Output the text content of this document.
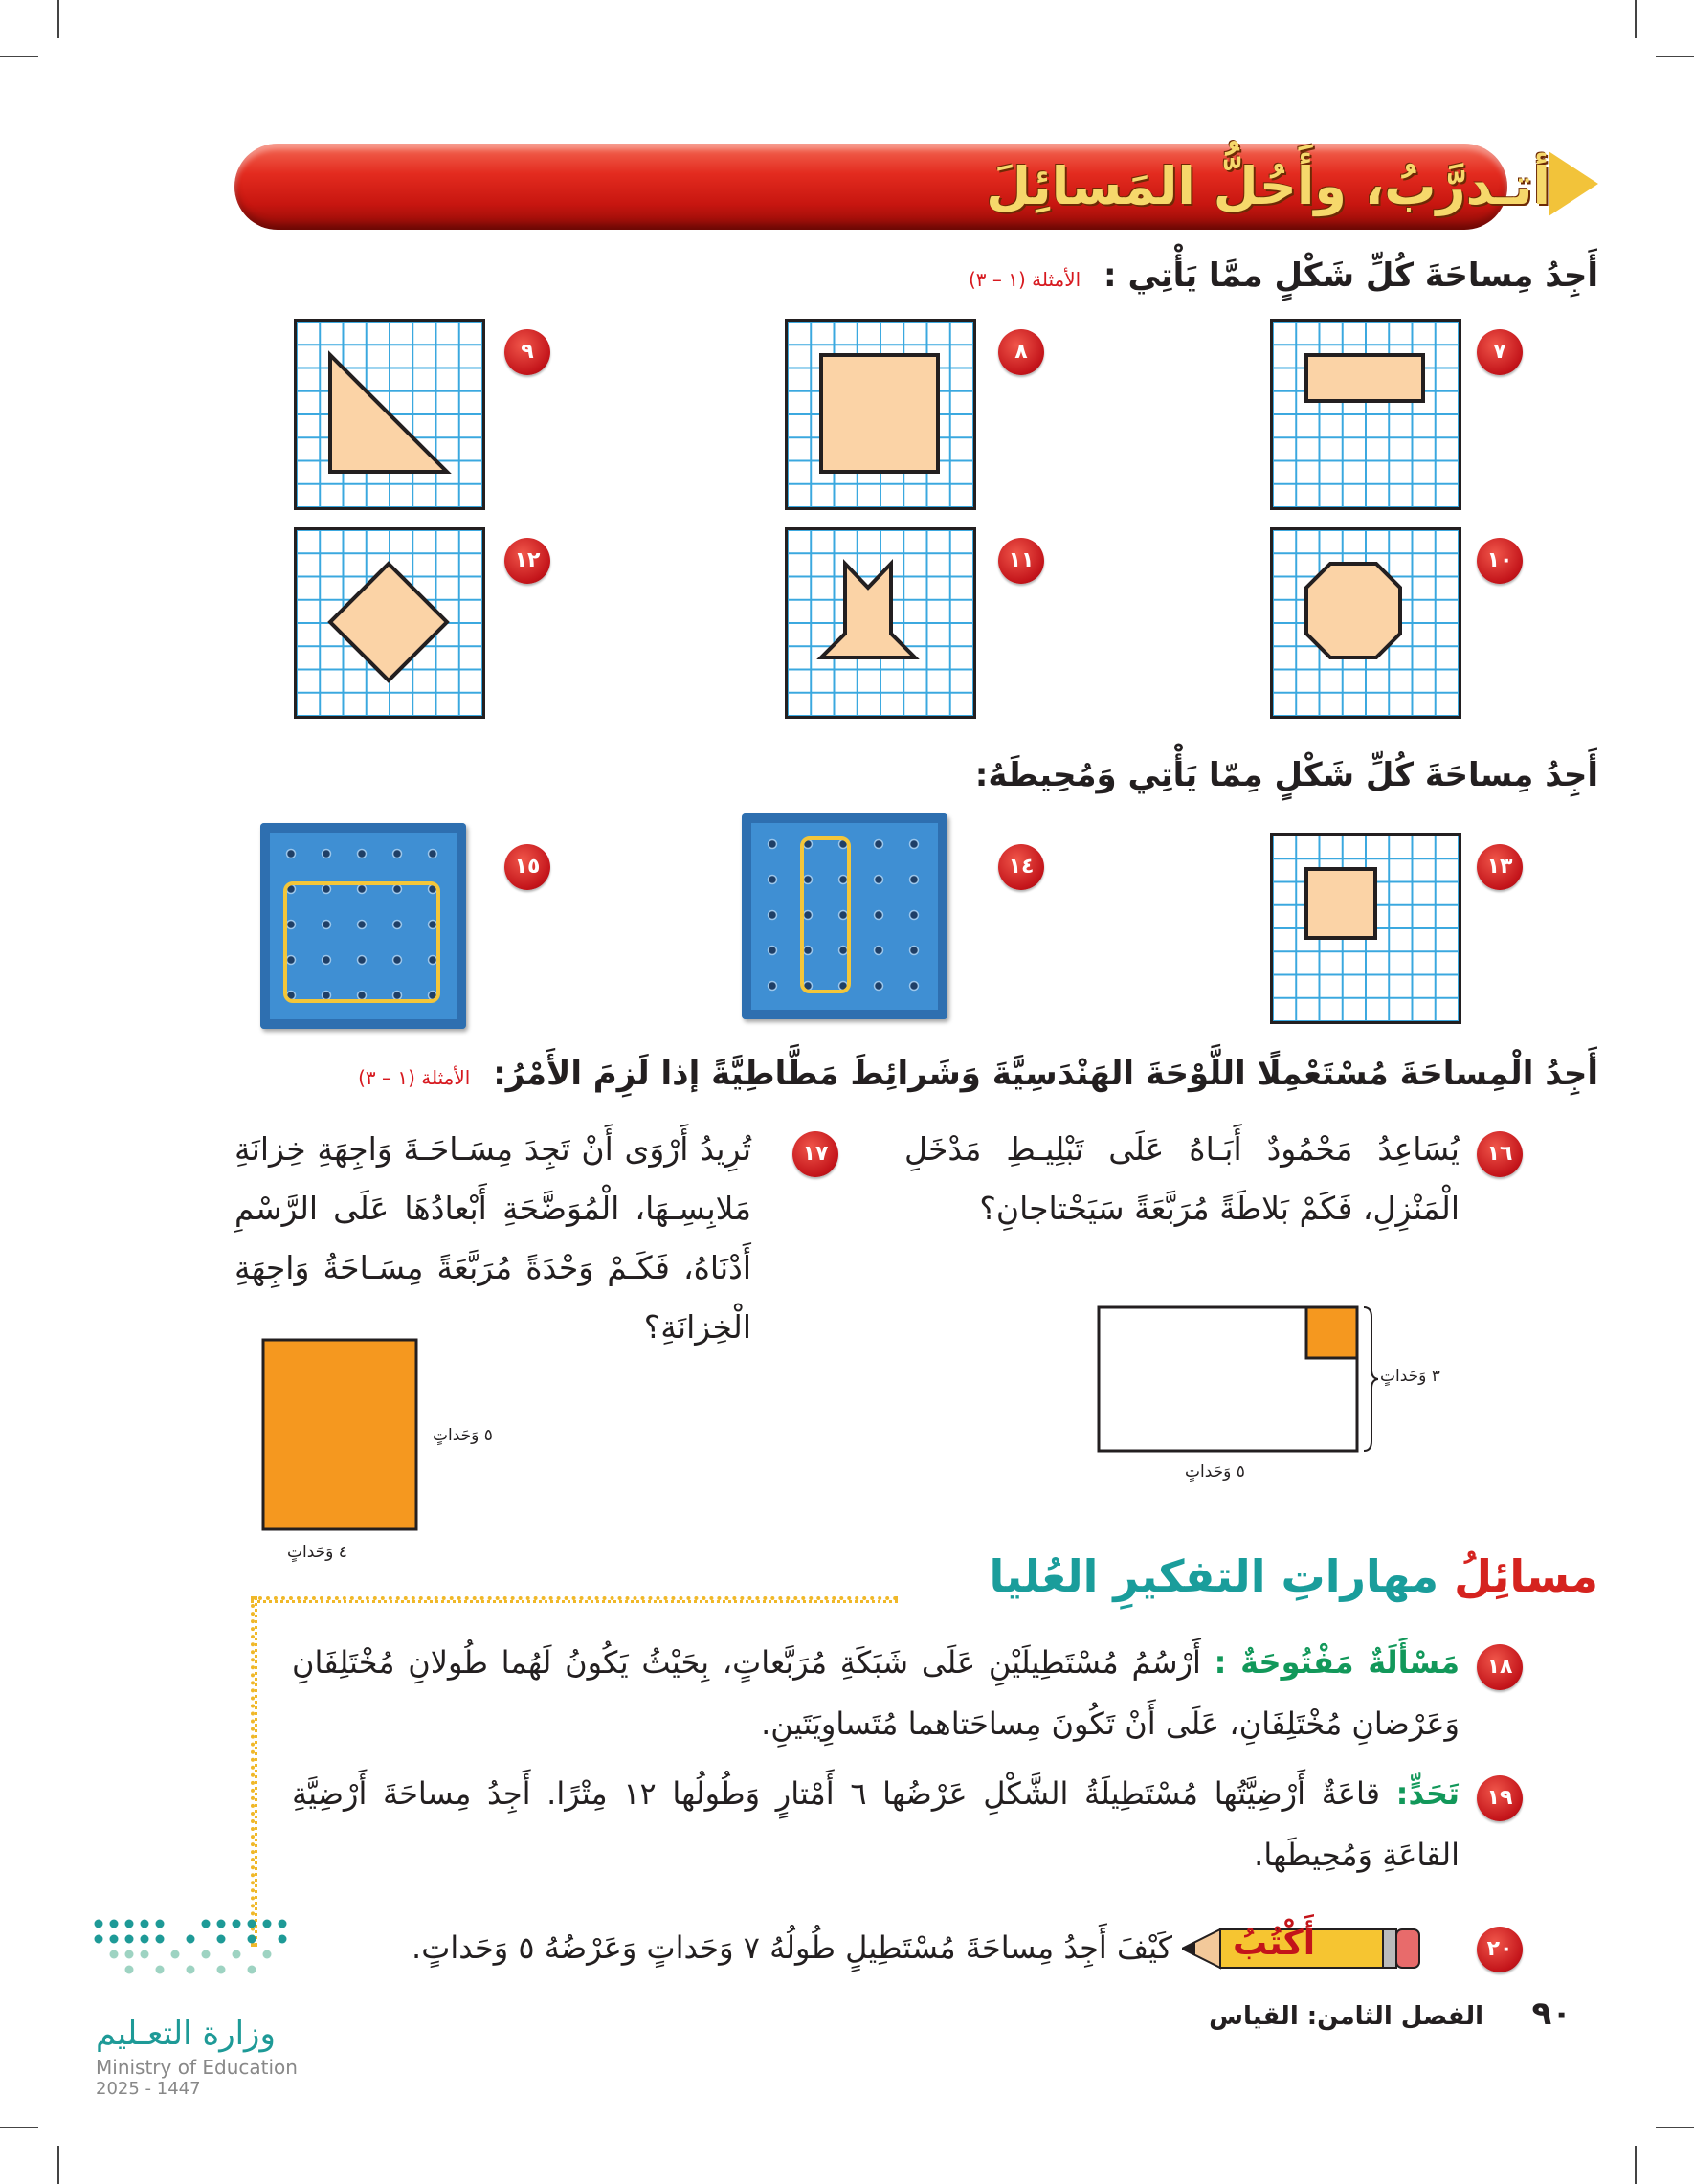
أتـدرَّبُ، وأَحُلُّ المَسائِلَ
أَجِدُ مِساحَةَ كُلِّ شَكْلٍ ممَّا يَأْتِي : الأمثلة (١ – ٣)
٧
٨
٩
١٠
١١
١٢
أَجِدُ مِساحَةَ كُلِّ شَكْلٍ مِمّا يَأْتِي وَمُحِيطَهُ:
١٣
١٤
١٥
أَجِدُ الْمِساحَةَ مُسْتَعْمِلًا اللَّوْحَةَ الهَنْدَسِيَّةَ وَشَرائِطَ مَطَّاطِيَّةً إذا لَزِمَ الأَمْرُ: الأمثلة (١ – ٣)
١٦
يُسَاعِدُ مَحْمُودٌ أَبَـاهُ عَلَى تَبْلِيـطِ مَدْخَلِ الْمَنْزِلِ، فَكَمْ بَلاطَةً مُرَبَّعَةً سَيَحْتاجانِ؟
٣ وَحَداتٍ
٥ وَحَداتٍ
١٧
تُرِيدُ أَرْوَى أَنْ تَجِدَ مِسَـاحَـةَ وَاجِهَةِ خِزانَةِ مَلابِسِـهَا، الْمُوَضَّحَةِ أَبْعادُهَا عَلَى الرَّسْمِ أَدْنَاهُ، فَكَـمْ وَحْدَةً مُرَبَّعَةً مِسَـاحَةُ وَاجِهَةِ الْخِزانَةِ؟
٥ وَحَداتٍ
٤ وَحَداتٍ	مسائِلُ مهاراتِ التفكيرِ العُليا
١٨
مَسْأَلَةٌ مَفْتُوحَةٌ : أَرْسُمُ مُسْتَطِيلَيْنِ عَلَى شَبَكَةِ مُرَبَّعاتٍ، بِحَيْثُ يَكُونُ لَهُما طُولانِ مُخْتَلِفَانِ وَعَرْضانِ مُخْتَلِفَانِ، عَلَى أَنْ تَكُونَ مِساحَتاهما مُتَساوِيَتَينِ.
١٩
تَحَدٍّ: قاعَةٌ أَرْضِيَّتُها مُسْتَطِيلَةُ الشَّكْلِ عَرْضُها ٦ أَمْتارٍ وَطُولُها ١٢ مِتْرًا. أَجِدُ مِساحَةَ أَرْضِيَّةِ القاعَةِ وَمُحِيطَها.
٢٠
أَكْتُبُ
كَيْفَ أَجِدُ مِساحَةَ مُسْتَطِيلٍ طُولُهُ ٧ وَحَداتٍ وَعَرْضُهُ ٥ وَحَداتٍ.
وزارة التعـليم
Ministry of Education
2025 - 1447
الفصل الثامن: القياس ٩٠
